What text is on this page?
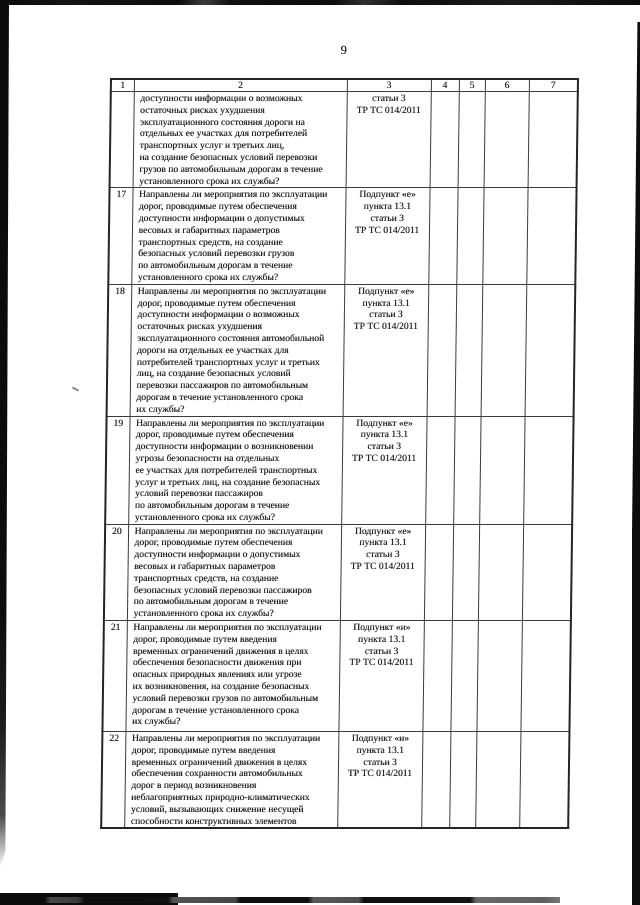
9
1	2	3	4	5	6	7
	доступности информации о возможных
остаточных рисках ухудшения
эксплуатационного состояния дороги на
отдельных ее участках для потребителей
транспортных услуг и третьих лиц,
на создание безопасных условий перевозки
грузов по автомобильным дорогам в течение
установленного срока их службы?	статьи 3
ТР ТС 014/2011				
17	Направлены ли мероприятия по эксплуатации
дорог, проводимые путем обеспечения
доступности информации о допустимых
весовых и габаритных параметров
транспортных средств, на создание
безопасных условий перевозки грузов
по автомобильным дорогам в течение
установленного срока их службы?	Подпункт «е»
пункта 13.1
статьи 3
ТР ТС 014/2011				
18	Направлены ли мероприятия по эксплуатации
дорог, проводимые путем обеспечения
доступности информации о возможных
остаточных рисках ухудшения
эксплуатационного состояния автомобильной
дороги на отдельных ее участках для
потребителей транспортных услуг и третьих
лиц, на создание безопасных условий
перевозки пассажиров по автомобильным
дорогам в течение установленного срока
их службы?	Подпункт «е»
пункта 13.1
статьи 3
ТР ТС 014/2011				
19	Направлены ли мероприятия по эксплуатации
дорог, проводимые путем обеспечения
доступности информации о возникновении
угрозы безопасности на отдельных
ее участках для потребителей транспортных
услуг и третьих лиц, на создание безопасных
условий перевозки пассажиров
по автомобильным дорогам в течение
установленного срока их службы?	Подпункт «е»
пункта 13.1
статьи 3
ТР ТС 014/2011				
20	Направлены ли мероприятия по эксплуатации
дорог, проводимые путем обеспечения
доступности информации о допустимых
весовых и габаритных параметров
транспортных средств, на создание
безопасных условий перевозки пассажиров
по автомобильным дорогам в течение
установленного срока их службы?	Подпункт «е»
пункта 13.1
статьи 3
ТР ТС 014/2011				
21	Направлены ли мероприятия по эксплуатации
дорог, проводимые путем введения
временных ограничений движения в целях
обеспечения безопасности движения при
опасных природных явлениях или угрозе
их возникновения, на создание безопасных
условий перевозки грузов по автомобильным
дорогам в течение установленного срока
их службы?	Подпункт «и»
пункта 13.1
статьи 3
ТР ТС 014/2011				
22	Направлены ли мероприятия по эксплуатации
дорог, проводимые путем введения
временных ограничений движения в целях
обеспечения сохранности автомобильных
дорог в период возникновения
неблагоприятных природно-климатических
условий, вызывающих снижение несущей
способности конструктивных элементов	Подпункт «и»
пункта 13.1
статьи 3
ТР ТС 014/2011				
